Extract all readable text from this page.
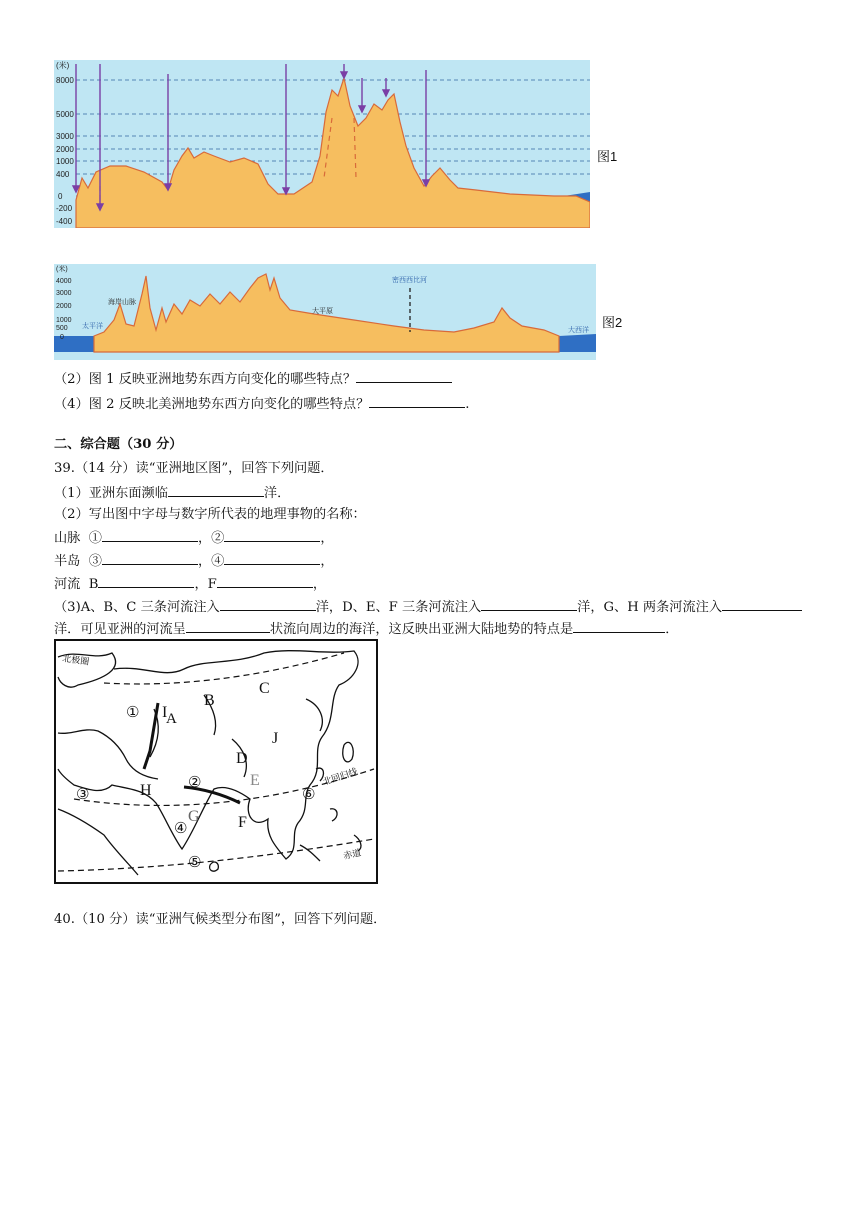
(米)
8000
5000
3000
2000
1000
400
0
-200
-400
图1
(米)
4000
3000
2000
1000
500
0
海岸山脉
太平洋
大平原
密西西比河
大西洋
图2
（2）图 1 反映亚洲地势东西方向变化的哪些特点？
（4）图 2 反映北美洲地势东西方向变化的哪些特点？	.
二、综合题（30 分）
39.（14 分）读“亚洲地区图”，回答下列问题．
（1）亚洲东面濒临	洋．
（2）写出图中字母与数字所代表的地理事物的名称：
山脉 ①	，②	，
半岛 ③	，④	，
河流 B	，F	，
（3)A、B、C 三条河流注入	洋，D、E、F 三条河流注入	洋，G、H 两条河流注入
洋．可见亚洲的河流呈	状流向周边的海洋，这反映出亚洲大陆地势的特点是	．
I
A
B
C
D
E
F
G
H
J
①
②
③
④
⑤
⑥
北极圈
北回归线
赤道
40.（10 分）读“亚洲气候类型分布图”，回答下列问题．
